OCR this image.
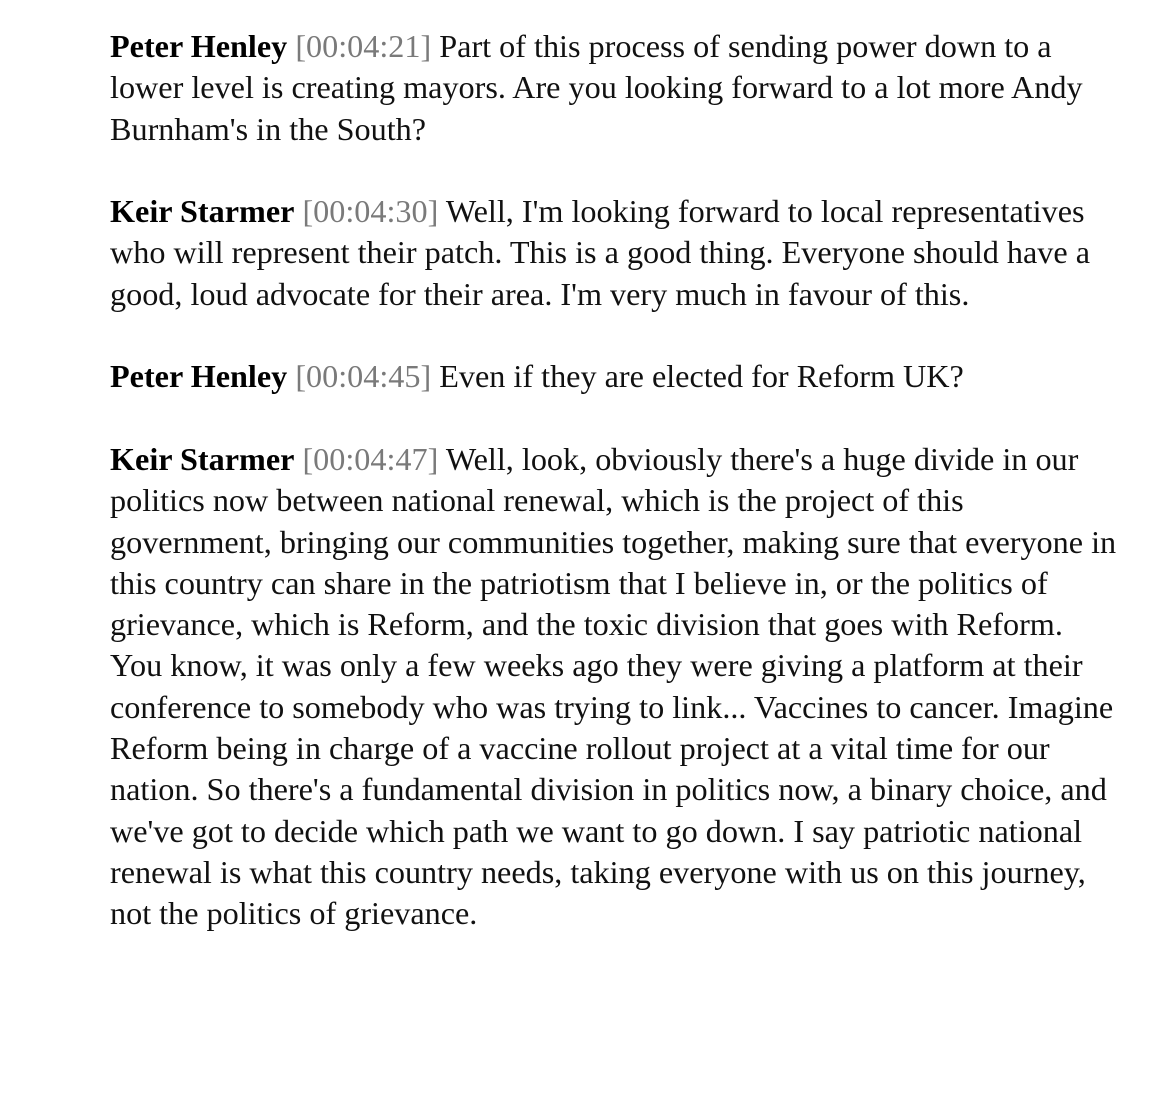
Peter Henley [00:04:21] Part of this process of sending power down to a lower level is creating mayors. Are you looking forward to a lot more Andy Burnham's in the South?

Keir Starmer [00:04:30] Well, I'm looking forward to local representatives who will represent their patch. This is a good thing. Everyone should have a good, loud advocate for their area. I'm very much in favour of this.

Peter Henley [00:04:45] Even if they are elected for Reform UK?

Keir Starmer [00:04:47] Well, look, obviously there's a huge divide in our politics now between national renewal, which is the project of this government, bringing our communities together, making sure that everyone in this country can share in the patriotism that I believe in, or the politics of grievance, which is Reform, and the toxic division that goes with Reform. You know, it was only a few weeks ago they were giving a platform at their conference to somebody who was trying to link... Vaccines to cancer. Imagine Reform being in charge of a vaccine rollout project at a vital time for our nation. So there's a fundamental division in politics now, a binary choice, and we've got to decide which path we want to go down. I say patriotic national renewal is what this country needs, taking everyone with us on this journey, not the politics of grievance.
